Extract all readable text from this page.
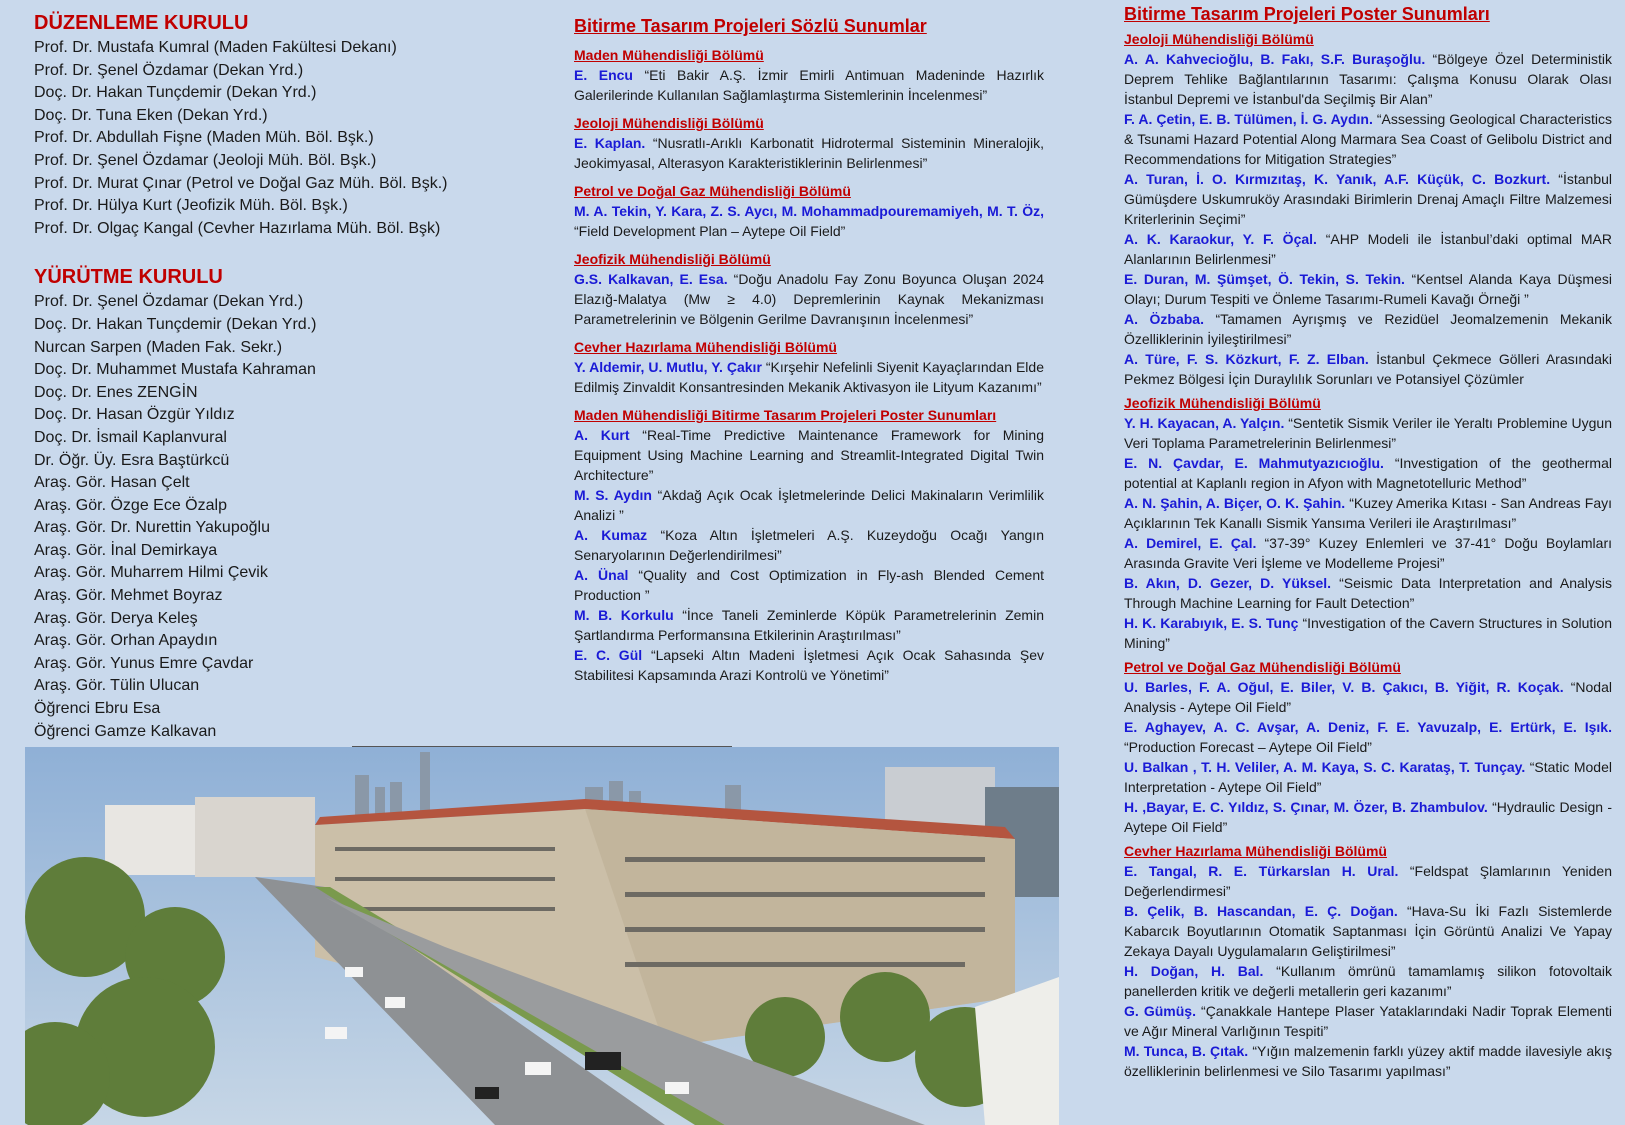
DÜZENLEME KURULU
Prof. Dr. Mustafa Kumral (Maden Fakültesi Dekanı)
Prof. Dr. Şenel Özdamar (Dekan Yrd.)
Doç. Dr. Hakan Tunçdemir (Dekan Yrd.)
Doç. Dr. Tuna Eken (Dekan Yrd.)
Prof. Dr. Abdullah Fişne (Maden Müh. Böl. Bşk.)
Prof. Dr. Şenel Özdamar (Jeoloji Müh. Böl. Bşk.)
Prof. Dr. Murat Çınar (Petrol ve Doğal Gaz Müh. Böl. Bşk.)
Prof. Dr. Hülya Kurt (Jeofizik Müh. Böl. Bşk.)
Prof. Dr. Olgaç Kangal (Cevher Hazırlama Müh. Böl. Bşk)
YÜRÜTME KURULU
Prof. Dr. Şenel Özdamar (Dekan Yrd.)
Doç. Dr. Hakan Tunçdemir (Dekan Yrd.)
Nurcan Sarpen (Maden Fak. Sekr.)
Doç. Dr. Muhammet Mustafa Kahraman
Doç. Dr. Enes ZENGİN
Doç. Dr. Hasan Özgür Yıldız
Doç. Dr. İsmail Kaplanvural
Dr. Öğr. Üy. Esra Baştürkcü
Araş. Gör. Hasan Çelt
Araş. Gör. Özge Ece Özalp
Araş. Gör. Dr. Nurettin Yakupoğlu
Araş. Gör. İnal Demirkaya
Araş. Gör. Muharrem Hilmi Çevik
Araş. Gör. Mehmet Boyraz
Araş. Gör. Derya Keleş
Araş. Gör. Orhan Apaydın
Araş. Gör. Yunus Emre Çavdar
Araş. Gör. Tülin Ulucan
Öğrenci Ebru Esa
Öğrenci Gamze Kalkavan
Bitirme Tasarım Projeleri Sözlü Sunumlar
Maden Mühendisliği Bölümü
E. Encu “Eti Bakir A.Ş. İzmir Emirli Antimuan Madeninde Hazırlık Galerilerinde Kullanılan Sağlamlaştırma Sistemlerinin İncelenmesi”
Jeoloji Mühendisliği Bölümü
E. Kaplan. “Nusratlı-Arıklı Karbonatit Hidrotermal Sisteminin Mineralojik, Jeokimyasal, Alterasyon Karakteristiklerinin Belirlenmesi”
Petrol ve Doğal Gaz Mühendisliği Bölümü
M. A. Tekin, Y. Kara, Z. S. Aycı, M. Mohammadpouremamiyeh, M. T. Öz, “Field Development Plan – Aytepe Oil Field”
Jeofizik Mühendisliği Bölümü
G.S. Kalkavan, E. Esa. “Doğu Anadolu Fay Zonu Boyunca Oluşan 2024 Elazığ-Malatya (Mw ≥ 4.0) Depremlerinin Kaynak Mekanizması Parametrelerinin ve Bölgenin Gerilme Davranışının İncelenmesi”
Cevher Hazırlama Mühendisliği Bölümü
Y. Aldemir, U. Mutlu, Y. Çakır “Kırşehir Nefelinli Siyenit Kayaçlarından Elde Edilmiş Zinvaldit Konsantresinden Mekanik Aktivasyon ile Lityum Kazanımı”
Maden Mühendisliği Bitirme Tasarım Projeleri Poster Sunumları
A. Kurt “Real-Time Predictive Maintenance Framework for Mining Equipment Using Machine Learning and Streamlit-Integrated Digital Twin Architecture”
M. S. Aydın “Akdağ Açık Ocak İşletmelerinde Delici Makinaların Verimlilik Analizi ”
A. Kumaz “Koza Altın İşletmeleri A.Ş. Kuzeydoğu Ocağı Yangın Senaryolarının Değerlendirilmesi”
A. Ünal “Quality and Cost Optimization in Fly-ash Blended Cement Production ”
M. B. Korkulu “İnce Taneli Zeminlerde Köpük Parametrelerinin Zemin Şartlandırma Performansına Etkilerinin Araştırılması”
E. C. Gül “Lapseki Altın Madeni İşletmesi Açık Ocak Sahasında Şev Stabilitesi Kapsamında Arazi Kontrolü ve Yönetimi”
Bitirme Tasarım Projeleri Poster Sunumları
Jeoloji Mühendisliği Bölümü
A. A. Kahvecioğlu, B. Fakı, S.F. Buraşoğlu. “Bölgeye Özel Deterministik Deprem Tehlike Bağlantılarının Tasarımı: Çalışma Konusu Olarak Olası İstanbul Depremi ve İstanbul'da Seçilmiş Bir Alan”
F. A. Çetin, E. B. Tülümen, İ. G. Aydın. “Assessing Geological Characteristics & Tsunami Hazard Potential Along Marmara Sea Coast of Gelibolu District and Recommendations for Mitigation Strategies”
A. Turan, İ. O. Kırmızıtaş, K. Yanık, A.F. Küçük, C. Bozkurt. “İstanbul Gümüşdere Uskumruköy Arasındaki Birimlerin Drenaj Amaçlı Filtre Malzemesi Kriterlerinin Seçimi”
A. K. Karaokur, Y. F. Öçal. “AHP Modeli ile İstanbul’daki optimal MAR Alanlarının Belirlenmesi”
E. Duran, M. Şümşet, Ö. Tekin, S. Tekin. “Kentsel Alanda Kaya Düşmesi Olayı; Durum Tespiti ve Önleme Tasarımı-Rumeli Kavağı Örneği ”
A. Özbaba. “Tamamen Ayrışmış ve Rezidüel Jeomalzemenin Mekanik Özelliklerinin İyileştirilmesi”
A. Türe, F. S. Közkurt, F. Z. Elban. İstanbul Çekmece Gölleri Arasındaki Pekmez Bölgesi İçin Duraylılık Sorunları ve Potansiyel Çözümler
Jeofizik Mühendisliği Bölümü
Y. H. Kayacan, A. Yalçın. “Sentetik Sismik Veriler ile Yeraltı Problemine Uygun Veri Toplama Parametrelerinin Belirlenmesi”
E. N. Çavdar, E. Mahmutyazıcıoğlu. “Investigation of the geothermal potential at Kaplanlı region in Afyon with Magnetotelluric Method”
A. N. Şahin, A. Biçer, O. K. Şahin. “Kuzey Amerika Kıtası - San Andreas Fayı Açıklarının Tek Kanallı Sismik Yansıma Verileri ile Araştırılması”
A. Demirel, E. Çal. “37-39° Kuzey Enlemleri ve 37-41° Doğu Boylamları Arasında Gravite Veri İşleme ve Modelleme Projesi”
B. Akın, D. Gezer, D. Yüksel. “Seismic Data Interpretation and Analysis Through Machine Learning for Fault Detection”
H. K. Karabıyık, E. S. Tunç “Investigation of the Cavern Structures in Solution Mining”
Petrol ve Doğal Gaz Mühendisliği Bölümü
U. Barles, F. A. Oğul, E. Biler, V. B. Çakıcı, B. Yiğit, R. Koçak. “Nodal Analysis - Aytepe Oil Field”
E. Aghayev, A. C. Avşar, A. Deniz, F. E. Yavuzalp, E. Ertürk, E. Işık. “Production Forecast – Aytepe Oil Field”
U. Balkan , T. H. Veliler, A. M. Kaya, S. C. Karataş, T. Tunçay. “Static Model Interpretation - Aytepe Oil Field”
H. ,Bayar, E. C. Yıldız, S. Çınar, M. Özer, B. Zhambulov. “Hydraulic Design - Aytepe Oil Field”
Cevher Hazırlama Mühendisliği Bölümü
E. Tangal, R. E. Türkarslan H. Ural. “Feldspat Şlamlarının Yeniden Değerlendirmesi”
B. Çelik, B. Hascandan, E. Ç. Doğan. “Hava-Su İki Fazlı Sistemlerde Kabarcık Boyutlarının Otomatik Saptanması İçin Görüntü Analizi Ve Yapay Zekaya Dayalı Uygulamaların Geliştirilmesi”
H. Doğan, H. Bal. “Kullanım ömrünü tamamlamış silikon fotovoltaik panellerden kritik ve değerli metallerin geri kazanımı”
G. Gümüş. “Çanakkale Hantepe Plaser Yataklarındaki Nadir Toprak Elementi ve Ağır Mineral Varlığının Tespiti”
M. Tunca, B. Çıtak. “Yığın malzemenin farklı yüzey aktif madde ilavesiyle akış özelliklerinin belirlenmesi ve Silo Tasarımı yapılması”
